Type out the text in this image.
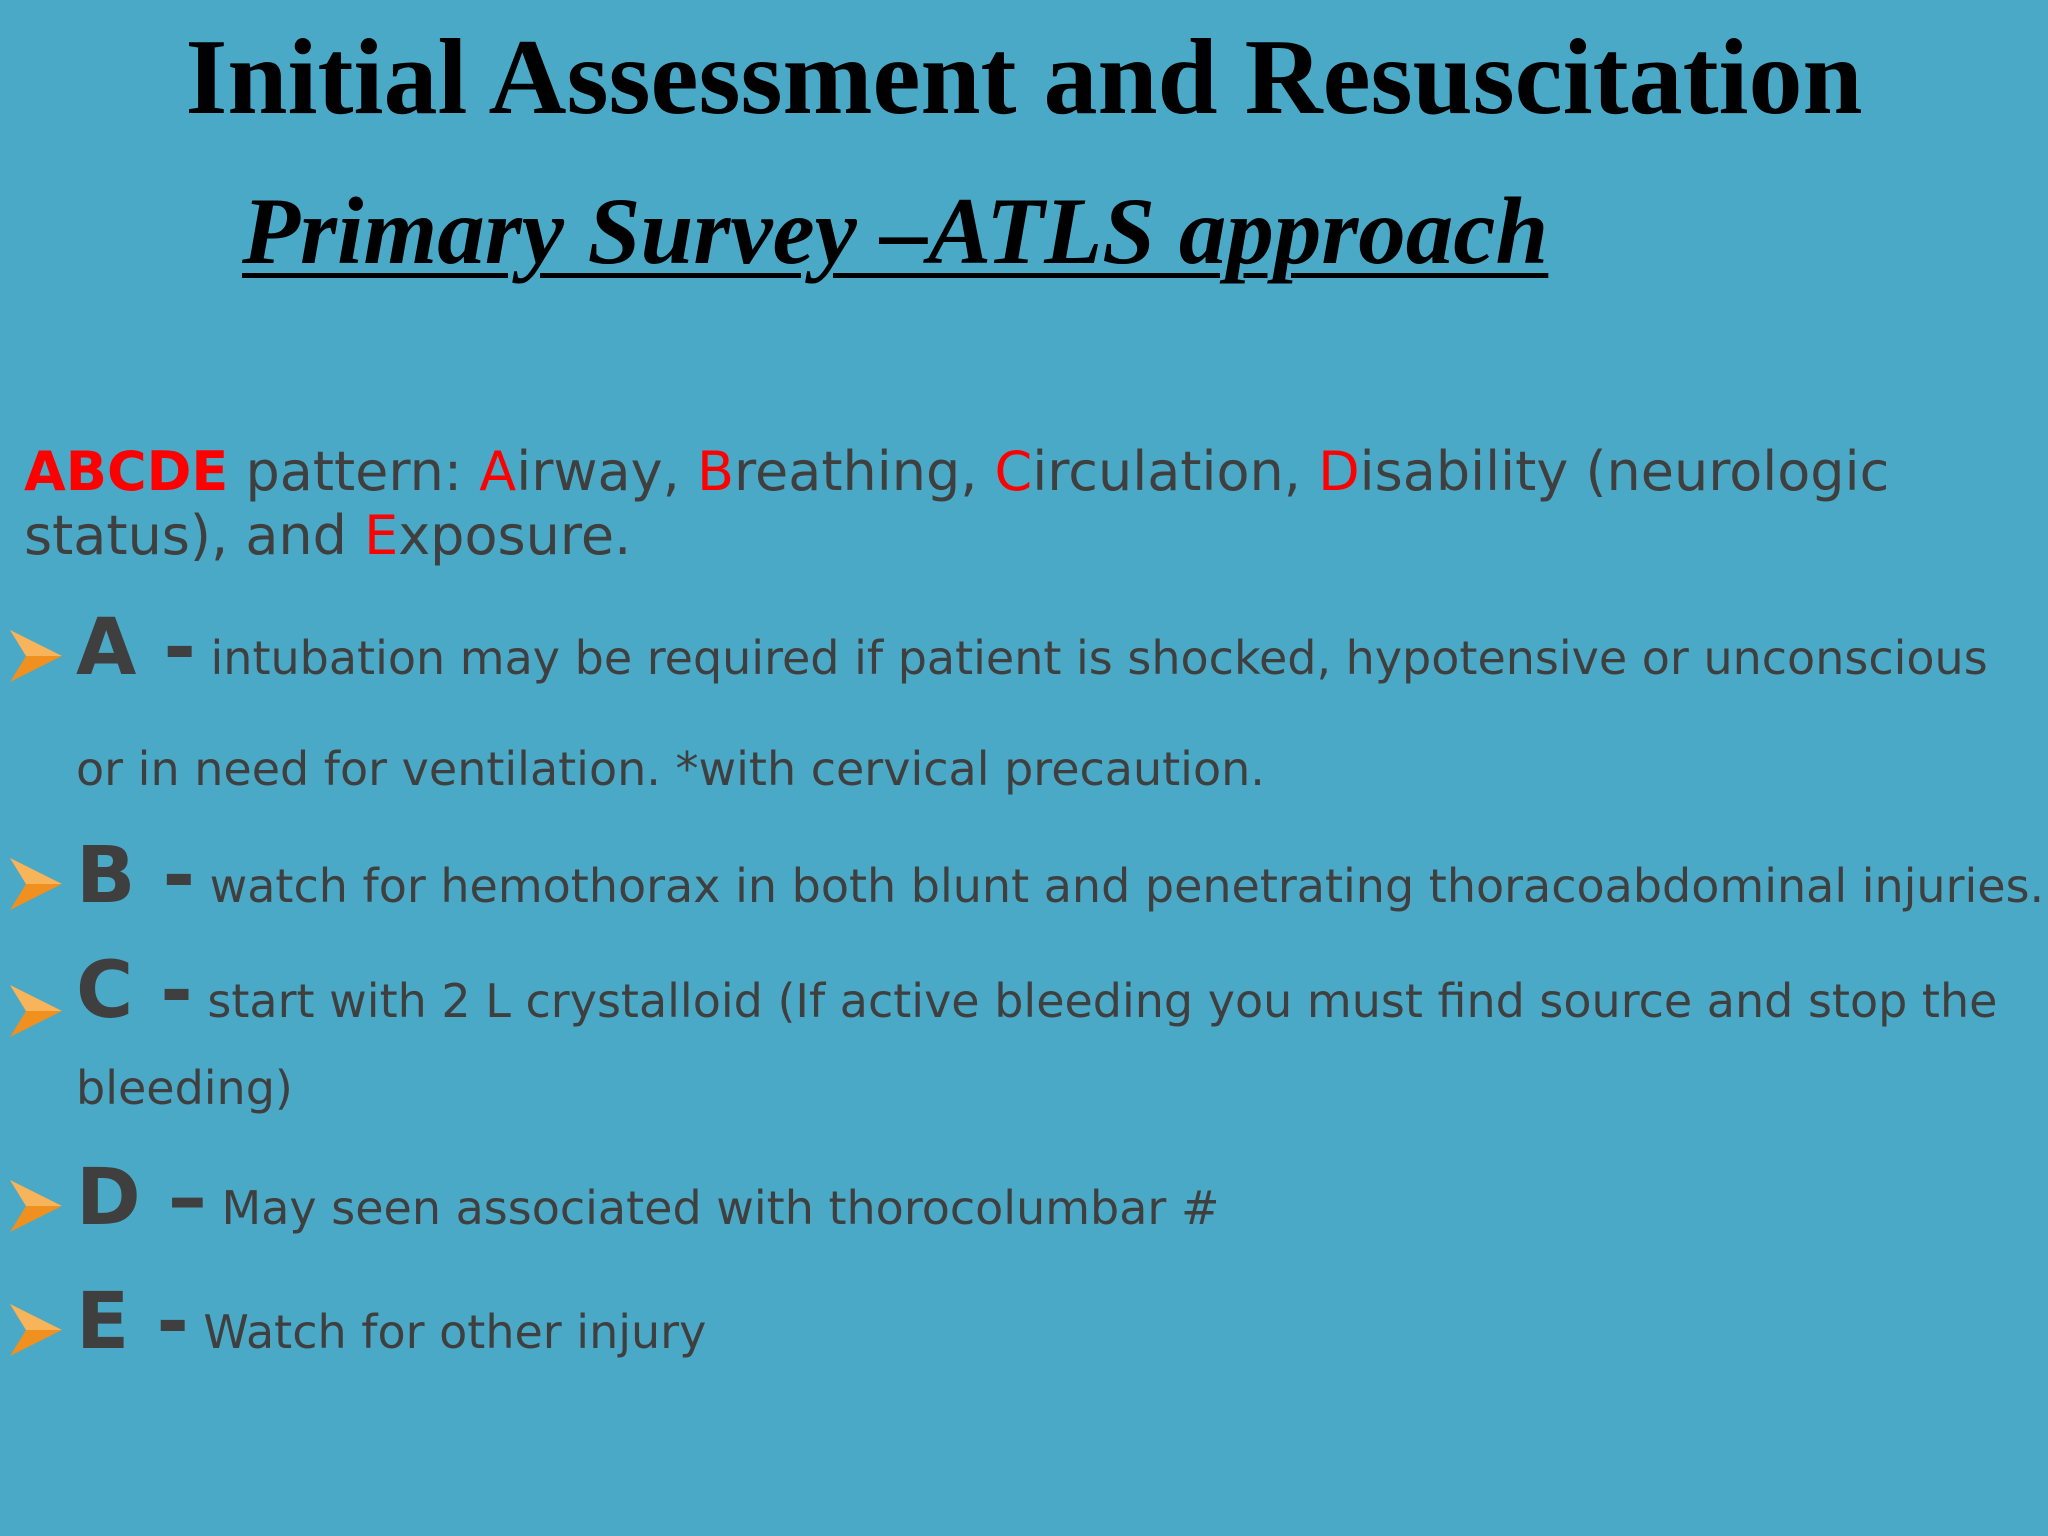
Initial Assessment and Resuscitation
Primary Survey –ATLS approach

ABCDE pattern: Airway, Breathing, Circulation, Disability (neurologic status), and Exposure.

A - intubation may be required if patient is shocked, hypotensive or unconscious or in need for ventilation. *with cervical precaution.
B - watch for hemothorax in both blunt and penetrating thoracoabdominal injuries.
C - start with 2 L crystalloid (If active bleeding you must find source and stop the bleeding)
D – May seen associated with thorocolumbar #
E - Watch for other injury
